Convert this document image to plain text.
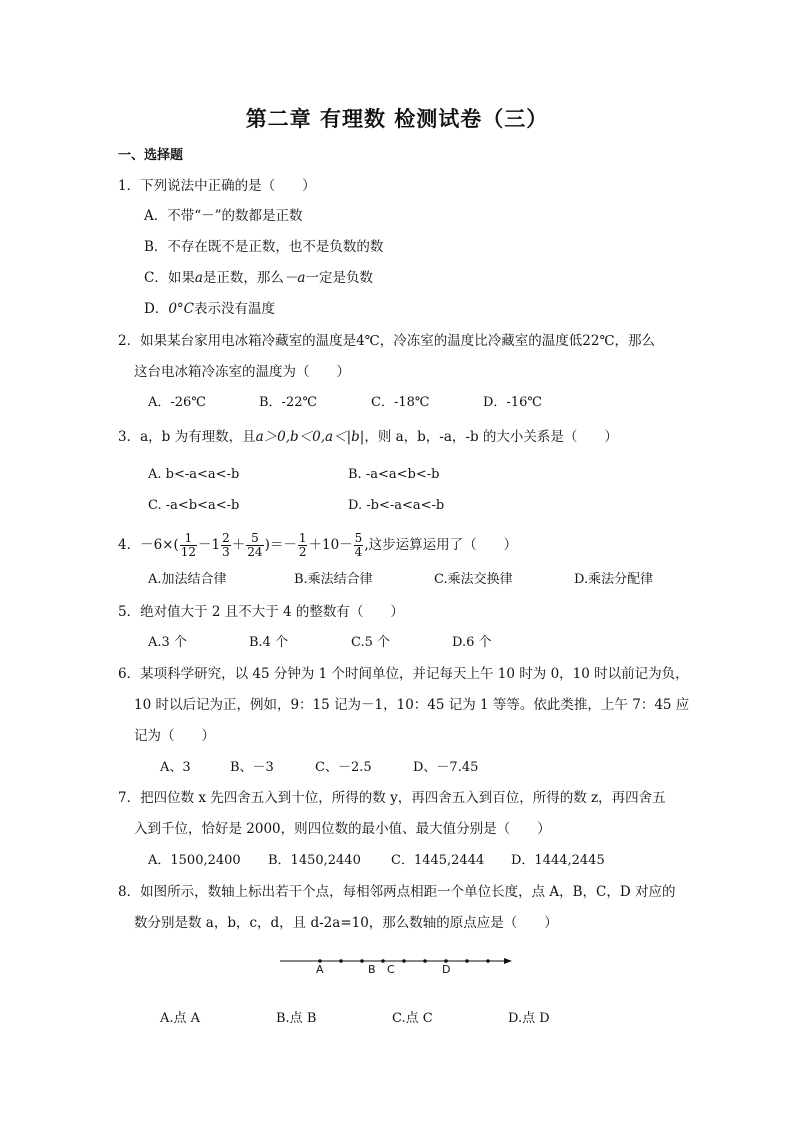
第二章 有理数 检测试卷（三）
一、选择题
1．下列说法中正确的是（　　）
A．不带“－”的数都是正数
B．不存在既不是正数，也不是负数的数
C．如果a是正数，那么－a一定是负数
D．0°C表示没有温度
2．如果某台家用电冰箱冷藏室的温度是4℃，冷冻室的温度比冷藏室的温度低22℃，那么
这台电冰箱冷冻室的温度为（　　）
A．-26℃	B．-22℃	C．-18℃	D．-16℃
3．a，b 为有理数，且a＞0,b＜0,a＜|b|，则 a，b，-a，-b 的大小关系是（　　）
A. b<-a<a<-b	B. -a<a<b<-b
C. -a<b<a<-b	D. -b<-a<a<-b
4．$-6\times( \frac{1}{12} -1 \frac{2}{3} + \frac{5}{24}$ )＝－ $\frac{1}{2} +10- \frac{5}{4}$ ,这步运算运用了（　　）
A.加法结合律	B.乘法结合律	C.乘法交换律	D.乘法分配律
5．绝对值大于 2 且不大于 4 的整数有（　　）
A.3 个	B.4 个	C.5 个	D.6 个
6．某项科学研究，以 45 分钟为 1 个时间单位，并记每天上午 10 时为 0，10 时以前记为负，
10 时以后记为正，例如，9：15 记为－1，10：45 记为 1 等等。依此类推，上午 7：45 应
记为（　　）
A、3	B、－3	C、－2.5	D、－7.45
7．把四位数 x 先四舍五入到十位，所得的数 y，再四舍五入到百位，所得的数 z，再四舍五
入到千位，恰好是 2000，则四位数的最小值、最大值分别是（　　）
A．1500,2400 B．1450,2440 C．1445,2444 D．1444,2445
8．如图所示，数轴上标出若干个点，每相邻两点相距一个单位长度，点 A，B，C，D 对应的
数分别是数 a，b，c，d，且 d-2a=10，那么数轴的原点应是（　　）
A	B C	D
A.点 A	B.点 B	C.点 C	D.点 D
